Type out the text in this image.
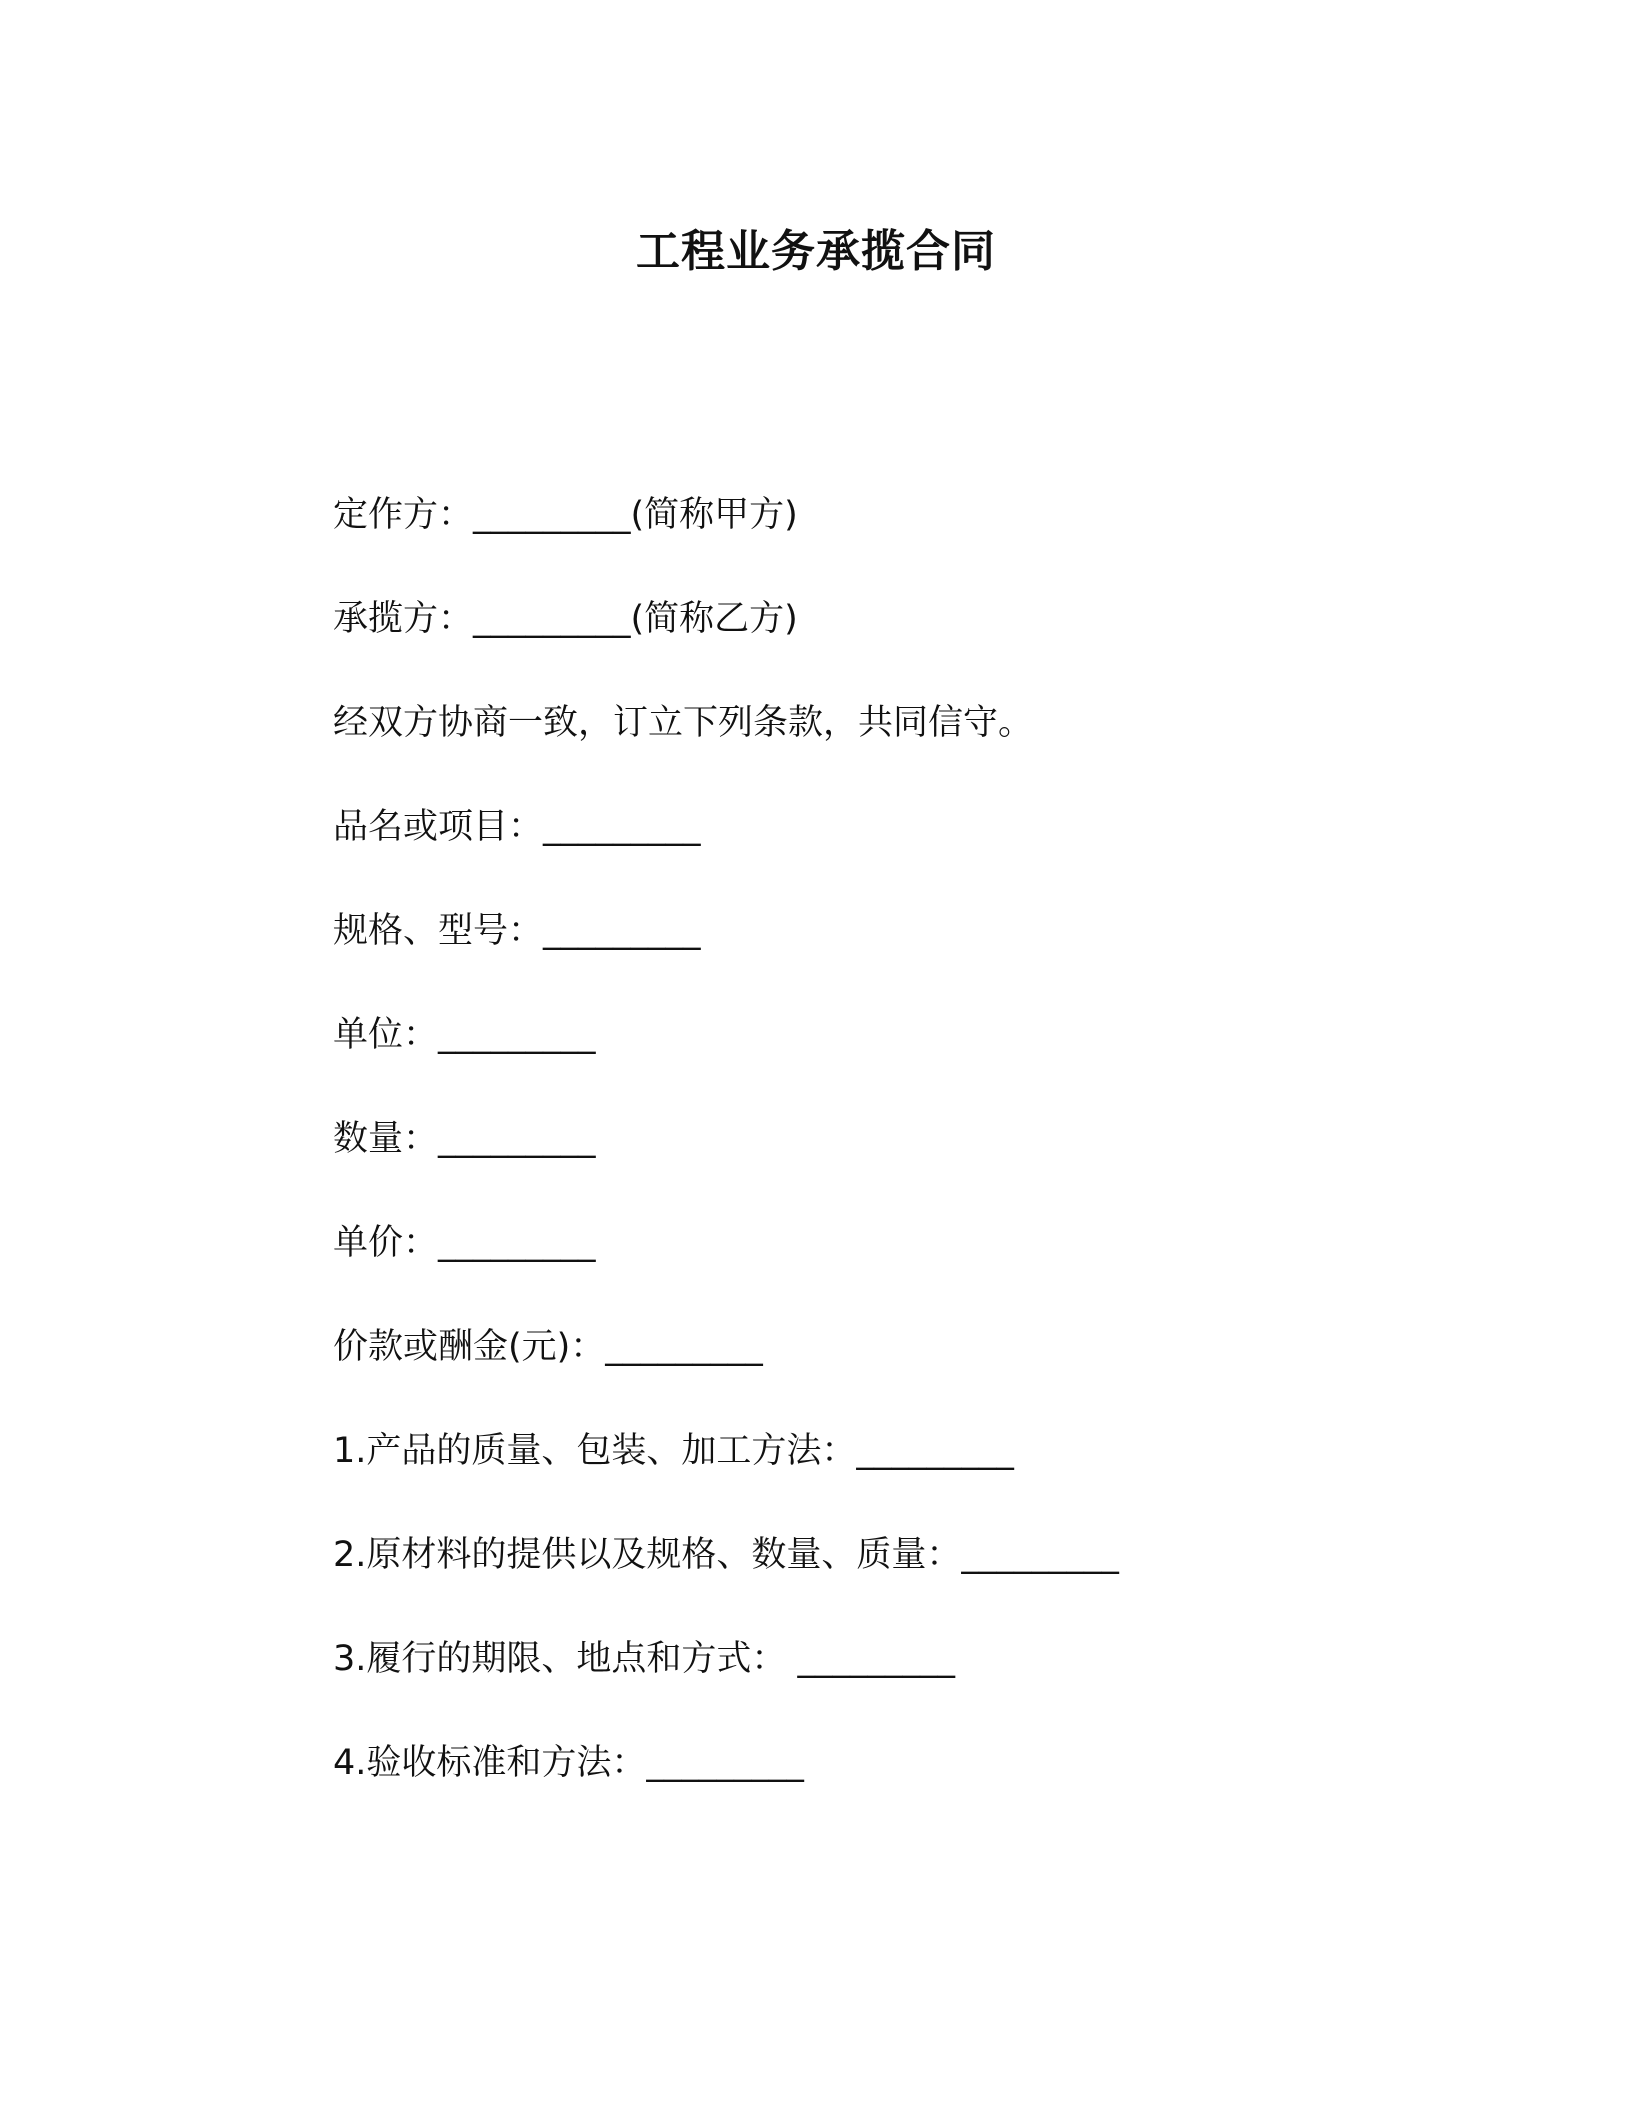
工程业务承揽合同
定作方：_________(简称甲方)
承揽方：_________(简称乙方)
经双方协商一致，订立下列条款，共同信守。
品名或项目：_________
规格、型号：_________
单位：_________
数量：_________
单价：_________
价款或酬金(元)：_________
1.产品的质量、包装、加工方法：_________
2.原材料的提供以及规格、数量、质量：_________
3.履行的期限、地点和方式： _________
4.验收标准和方法：_________
